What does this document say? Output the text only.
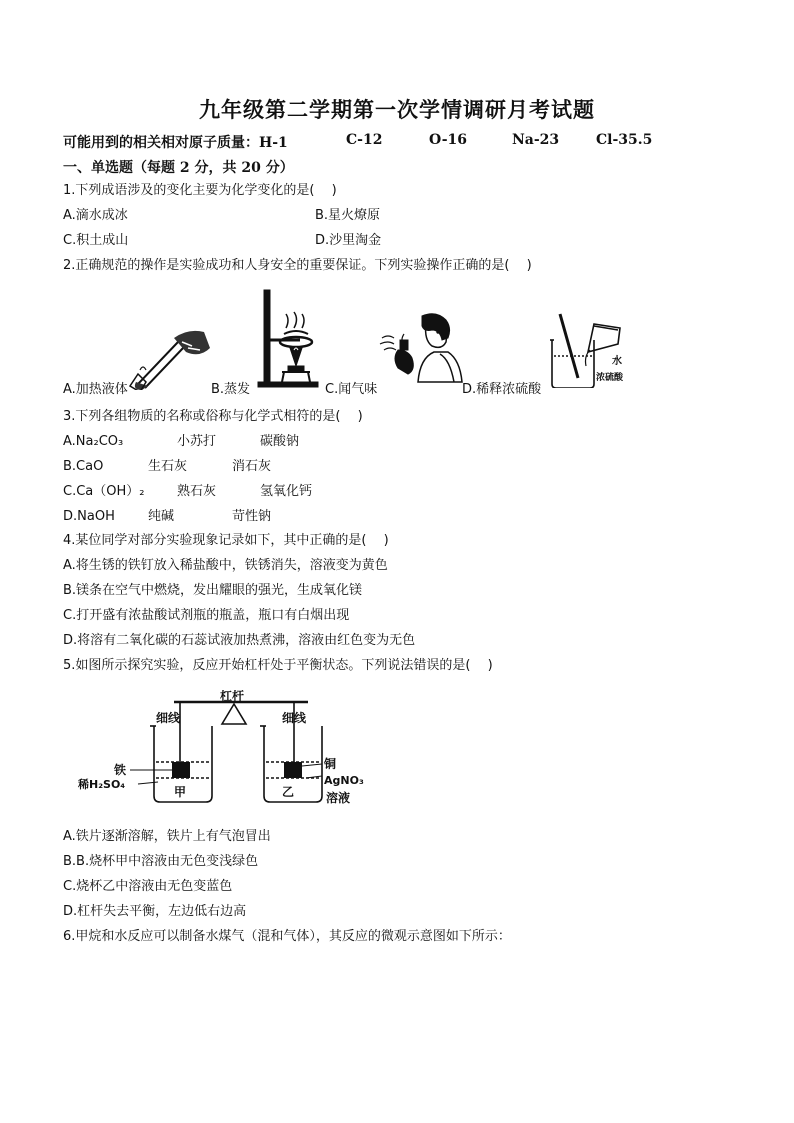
九年级第二学期第一次学情调研月考试题
可能用到的相关相对原子质量：H-1	C-12	O-16	Na-23	Cl-35.5
一、单选题（每题 2 分，共 20 分）
1.下列成语涉及的变化主要为化学变化的是(　 )
A.滴水成冰	B.星火燎原
C.积土成山	D.沙里淘金
2.正确规范的操作是实验成功和人身安全的重要保证。下列实验操作正确的是(　 )
A.加热液体	B.蒸发	C.闻气味
水
浓硫酸
D.稀释浓硫酸
3.下列各组物质的名称或俗称与化学式相符的是(　 )
A.Na₂CO₃	小苏打	碳酸钠
B.CaO	生石灰	消石灰
C.Ca（OH）₂	熟石灰	氢氧化钙
D.NaOH	纯碱	苛性钠
4.某位同学对部分实验现象记录如下，其中正确的是(　 )
A.将生锈的铁钉放入稀盐酸中，铁锈消失，溶液变为黄色
B.镁条在空气中燃烧，发出耀眼的强光，生成氧化镁
C.打开盛有浓盐酸试剂瓶的瓶盖，瓶口有白烟出现
D.将溶有二氧化碳的石蕊试液加热煮沸，溶液由红色变为无色
5.如图所示探究实验，反应开始杠杆处于平衡状态。下列说法错误的是(　 )
杠杆
细线	细线
铁
稀H₂SO₄
甲
铜
AgNO₃
乙	溶液
A.铁片逐渐溶解，铁片上有气泡冒出
B.B.烧杯甲中溶液由无色变浅绿色
C.烧杯乙中溶液由无色变蓝色
D.杠杆失去平衡，左边低右边高
6.甲烷和水反应可以制备水煤气（混和气体），其反应的微观示意图如下所示：
